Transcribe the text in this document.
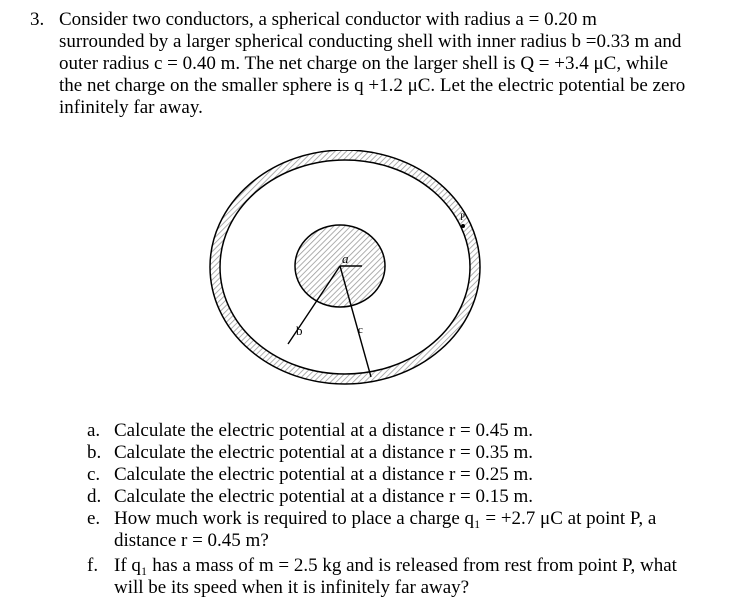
3. Consider two conductors, a spherical conductor with radius a = 0.20 m
surrounded by a larger spherical conducting shell with inner radius b =0.33 m and
outer radius c = 0.40 m. The net charge on the larger shell is Q = +3.4 μC, while
the net charge on the smaller sphere is q +1.2 μC. Let the electric potential be zero
infinitely far away.
a
b	c
P
a. Calculate the electric potential at a distance r = 0.45 m.
b. Calculate the electric potential at a distance r = 0.35 m.
c. Calculate the electric potential at a distance r = 0.25 m.
d. Calculate the electric potential at a distance r = 0.15 m.
e. How much work is required to place a charge q₁ = +2.7 μC at point P, a
distance r = 0.45 m?
f. If q₁ has a mass of m = 2.5 kg and is released from rest from point P, what
will be its speed when it is infinitely far away?
